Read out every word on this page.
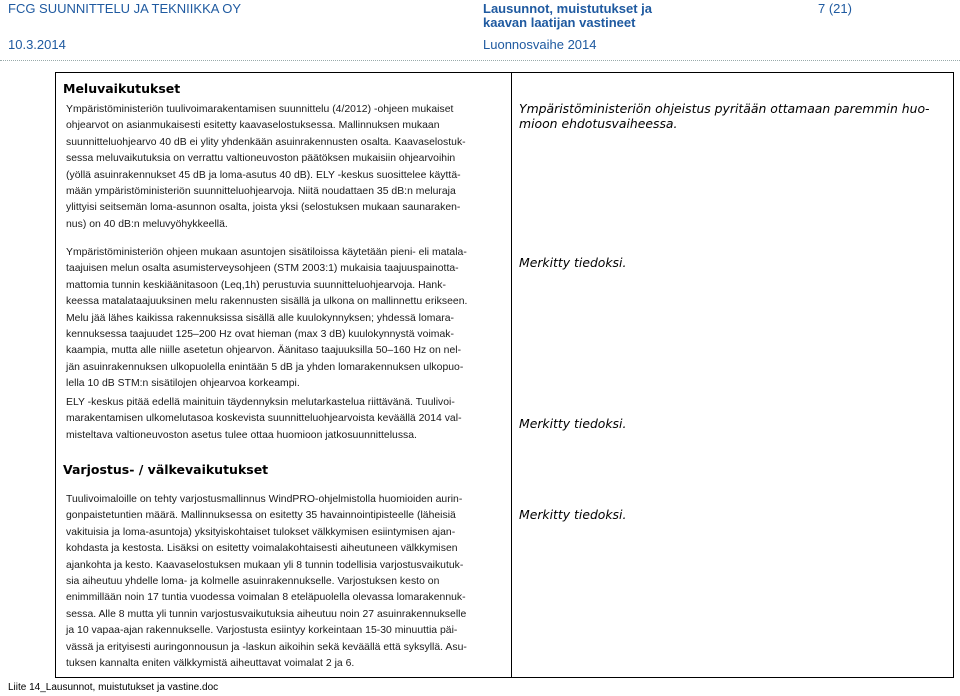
FCG SUUNNITTELU JA TEKNIIKKA OY	Lausunnot, muistutukset ja
kaavan laatijan vastineet
7 (21)
10.3.2014	Luonnosvaihe 2014
Meluvaikutukset
Ympäristöministeriön tuulivoimarakentamisen suunnittelu (4/2012) -ohjeen mukaiset
ohjearvot on asianmukaisesti esitetty kaavaselostuksessa. Mallinnuksen mukaan
suunnitteluohjearvo 40 dB ei ylity yhdenkään asuinrakennusten osalta. Kaavaselostuk-
sessa meluvaikutuksia on verrattu valtioneuvoston päätöksen mukaisiin ohjearvoihin
(yöllä asuinrakennukset 45 dB ja loma-asutus 40 dB). ELY -keskus suosittelee käyttä-
mään ympäristöministeriön suunnitteluohjearvoja. Niitä noudattaen 35 dB:n meluraja
ylittyisi seitsemän loma-asunnon osalta, joista yksi (selostuksen mukaan saunaraken-
nus) on 40 dB:n meluvyöhykkeellä.
Ympäristöministeriön ohjeistus pyritään ottamaan paremmin huo-
mioon ehdotusvaiheessa.
Ympäristöministeriön ohjeen mukaan asuntojen sisätiloissa käytetään pieni- eli matala-
taajuisen melun osalta asumisterveysohjeen (STM 2003:1) mukaisia taajuuspainotta-
mattomia tunnin keskiäänitasoon (Leq,1h) perustuvia suunnitteluohjearvoja. Hank-
keessa matalataajuuksinen melu rakennusten sisällä ja ulkona on mallinnettu erikseen.
Melu jää lähes kaikissa rakennuksissa sisällä alle kuulokynnyksen; yhdessä lomara-
kennuksessa taajuudet 125–200 Hz ovat hieman (max 3 dB) kuulokynnystä voimak-
kaampia, mutta alle niille asetetun ohjearvon. Äänitaso taajuuksilla 50–160 Hz on nel-
jän asuinrakennuksen ulkopuolella enintään 5 dB ja yhden lomarakennuksen ulkopuo-
lella 10 dB STM:n sisätilojen ohjearvoa korkeampi.
Merkitty tiedoksi.
ELY -keskus pitää edellä mainituin täydennyksin melutarkastelua riittävänä. Tuulivoi-
marakentamisen ulkomelutasoa koskevista suunnitteluohjearvoista keväällä 2014 val-
misteltava valtioneuvoston asetus tulee ottaa huomioon jatkosuunnittelussa.
Merkitty tiedoksi.
Varjostus- / välkevaikutukset
Tuulivoimaloille on tehty varjostusmallinnus WindPRO-ohjelmistolla huomioiden aurin-
gonpaistetuntien määrä. Mallinnuksessa on esitetty 35 havainnointipisteelle (läheisiä
vakituisia ja loma-asuntoja) yksityiskohtaiset tulokset välkkymisen esiintymisen ajan-
kohdasta ja kestosta. Lisäksi on esitetty voimalakohtaisesti aiheutuneen välkkymisen
ajankohta ja kesto. Kaavaselostuksen mukaan yli 8 tunnin todellisia varjostusvaikutuk-
sia aiheutuu yhdelle loma- ja kolmelle asuinrakennukselle. Varjostuksen kesto on
enimmillään noin 17 tuntia vuodessa voimalan 8 eteläpuolella olevassa lomarakennuk-
sessa. Alle 8 mutta yli tunnin varjostusvaikutuksia aiheutuu noin 27 asuinrakennukselle
ja 10 vapaa-ajan rakennukselle. Varjostusta esiintyy korkeintaan 15-30 minuuttia päi-
vässä ja erityisesti auringonnousun ja -laskun aikoihin sekä keväällä että syksyllä. Asu-
tuksen kannalta eniten välkkymistä aiheuttavat voimalat 2 ja 6.
Merkitty tiedoksi.
Liite 14_Lausunnot, muistutukset ja vastine.doc
